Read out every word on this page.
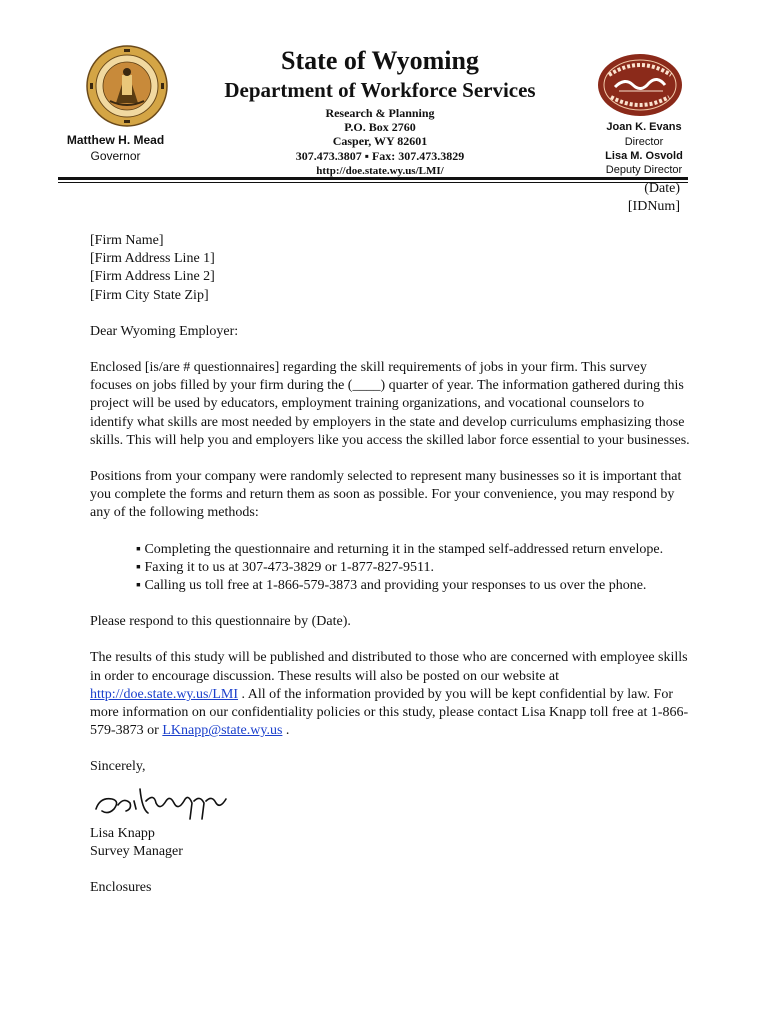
State of Wyoming
Department of Workforce Services
Research & Planning
P.O. Box 2760
Casper, WY 82601
307.473.3807 ▪ Fax: 307.473.3829
http://doe.state.wy.us/LMI/
Matthew H. Mead
Governor
Joan K. Evans
Director
Lisa M. Osvold
Deputy Director
(Date)
[IDNum]

[Firm Name]

[Firm Address Line 1]

[Firm Address Line 2]

[Firm City State Zip]

Dear Wyoming Employer:

Enclosed [is/are # questionnaires] regarding the skill requirements of jobs in your firm. This survey focuses on jobs filled by your firm during the (____) quarter of year. The information gathered during this project will be used by educators, employment training organizations, and vocational counselors to identify what skills are most needed by employers in the state and develop curriculums emphasizing those skills. This will help you and employers like you access the skilled labor force essential to your businesses.

Positions from your company were randomly selected to represent many businesses so it is important that you complete the forms and return them as soon as possible. For your convenience, you may respond by any of the following methods:

▪ Completing the questionnaire and returning it in the stamped self-addressed return envelope.
▪ Faxing it to us at 307-473-3829 or 1-877-827-9511.
▪ Calling us toll free at 1-866-579-3873 and providing your responses to us over the phone.

Please respond to this questionnaire by (Date).

The results of this study will be published and distributed to those who are concerned with employee skills in order to encourage discussion. These results will also be posted on our website at http://doe.state.wy.us/LMI . All of the information provided by you will be kept confidential by law. For more information on our confidentiality policies or this study, please contact Lisa Knapp toll free at 1-866-579-3873 or LKnapp@state.wy.us .

Sincerely,

Lisa Knapp

Survey Manager

Enclosures
